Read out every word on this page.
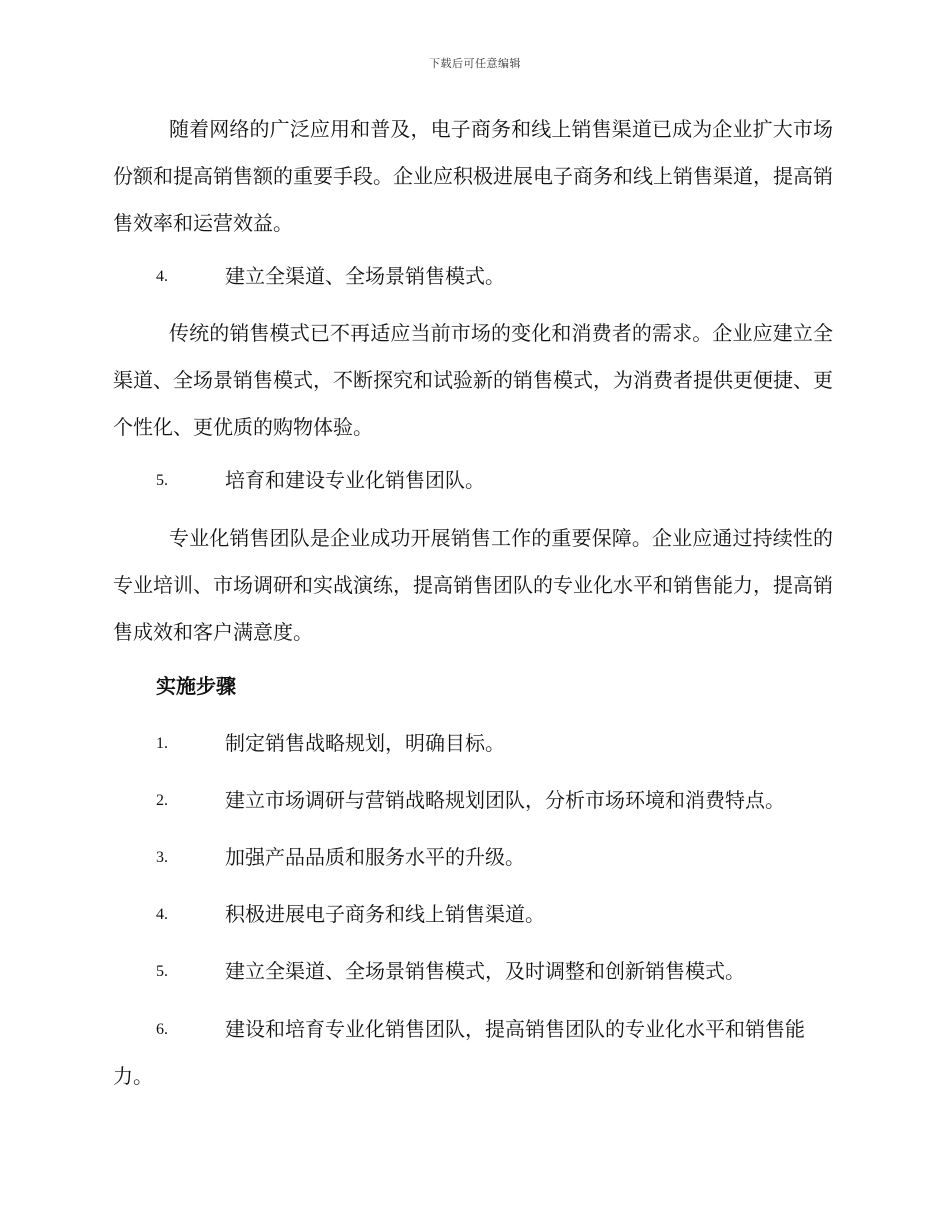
下载后可任意编辑

随着网络的广泛应用和普及，电子商务和线上销售渠道已成为企业扩大市场份额和提高销售额的重要手段。企业应积极进展电子商务和线上销售渠道，提高销售效率和运营效益。

4.	建立全渠道、全场景销售模式。

传统的销售模式已不再适应当前市场的变化和消费者的需求。企业应建立全渠道、全场景销售模式，不断探究和试验新的销售模式，为消费者提供更便捷、更个性化、更优质的购物体验。

5.	培育和建设专业化销售团队。

专业化销售团队是企业成功开展销售工作的重要保障。企业应通过持续性的专业培训、市场调研和实战演练，提高销售团队的专业化水平和销售能力，提高销售成效和客户满意度。

实施步骤
1.	制定销售战略规划，明确目标。
2.	建立市场调研与营销战略规划团队，分析市场环境和消费特点。
3.	加强产品品质和服务水平的升级。
4.	积极进展电子商务和线上销售渠道。
5.	建立全渠道、全场景销售模式，及时调整和创新销售模式。
6.	建设和培育专业化销售团队，提高销售团队的专业化水平和销售能力。
